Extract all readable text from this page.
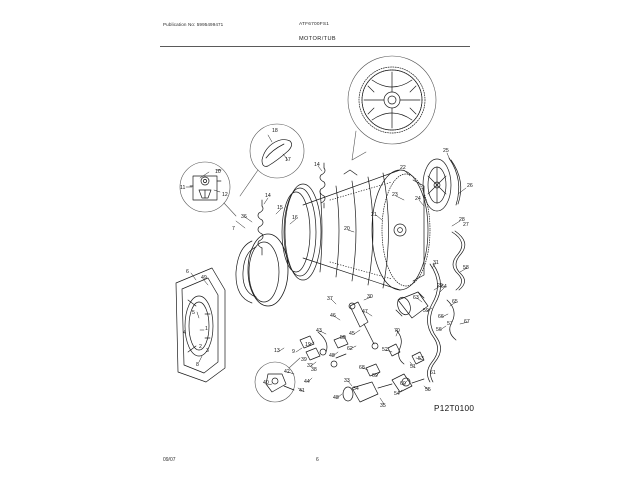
Publication No: 5995499471	ATF6700FS1
MOTOR/TUB
1
2
3
4
5
6
7
8
9
10
11
12
13
14
14
15
16
17
18
19
20
21
22
23
24
25
26
27
28
29
30
31
32
33
34
35
36
37
38
39
40
41
42
43
44
45
46
47
48
48
49
50
51
52
53
54
55
56
57
58
59
60
61
62
63
64
65
66
67
68
69
70
P12T0100
09/07	6
